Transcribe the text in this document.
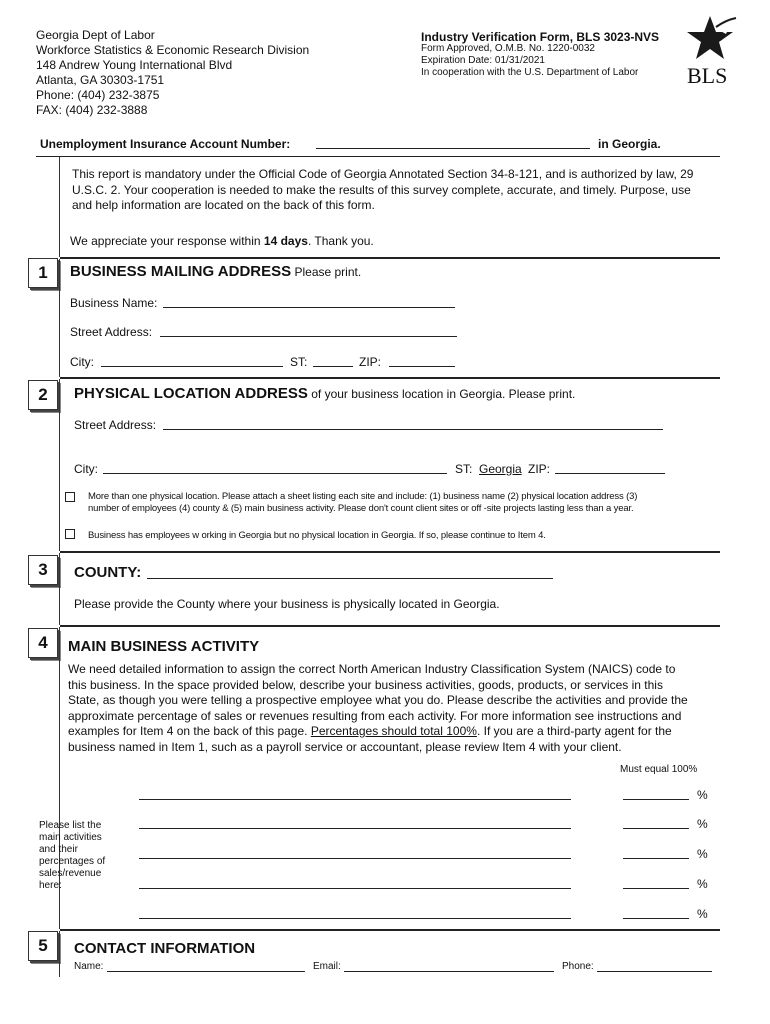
Georgia Dept of Labor
Workforce Statistics & Economic Research Division
148 Andrew Young International Blvd
Atlanta, GA 30303-1751
Phone: (404) 232-3875
FAX: (404) 232-3888
Industry Verification Form, BLS 3023-NVS
Form Approved, O.M.B. No. 1220-0032
Expiration Date: 01/31/2021
In cooperation with the U.S. Department of Labor BLS
Unemployment Insurance Account Number:	in Georgia.
This report is mandatory under the Official Code of Georgia Annotated Section 34-8-121, and is authorized by law, 29 U.S.C. 2. Your cooperation is needed to make the results of this survey complete, accurate, and timely. Purpose, use and help information are located on the back of this form.
We appreciate your response within 14 days. Thank you.
1	BUSINESS MAILING ADDRESS Please print.
Business Name:
Street Address:
City:	ST:	ZIP:
2	PHYSICAL LOCATION ADDRESS of your business location in Georgia. Please print.
Street Address:
City:	ST: Georgia ZIP:
More than one physical location. Please attach a sheet listing each site and include: (1) business name (2) physical location address (3)
number of employees (4) county & (5) main business activity. Please don't count client sites or off -site projects lasting less than a year.
Business has employees w orking in Georgia but no physical location in Georgia. If so, please continue to Item 4.
3	COUNTY:
Please provide the County where your business is physically located in Georgia.
4	MAIN BUSINESS ACTIVITY
We need detailed information to assign the correct North American Industry Classification System (NAICS) code to this business. In the space provided below, describe your business activities, goods, products, or services in this State, as though you were telling a prospective employee what you do. Please describe the activities and provide the approximate percentage of sales or revenues resulting from each activity. For more information see instructions and examples for Item 4 on the back of this page. Percentages should total 100%. If you are a third-party agent for the business named in Item 1, such as a payroll service or accountant, please review Item 4 with your client.
Must equal 100%
Please list the main activities and their percentages of sales/revenue here:
%
%
%
%
%
5	CONTACT INFORMATION
Name:	Email:	Phone:
